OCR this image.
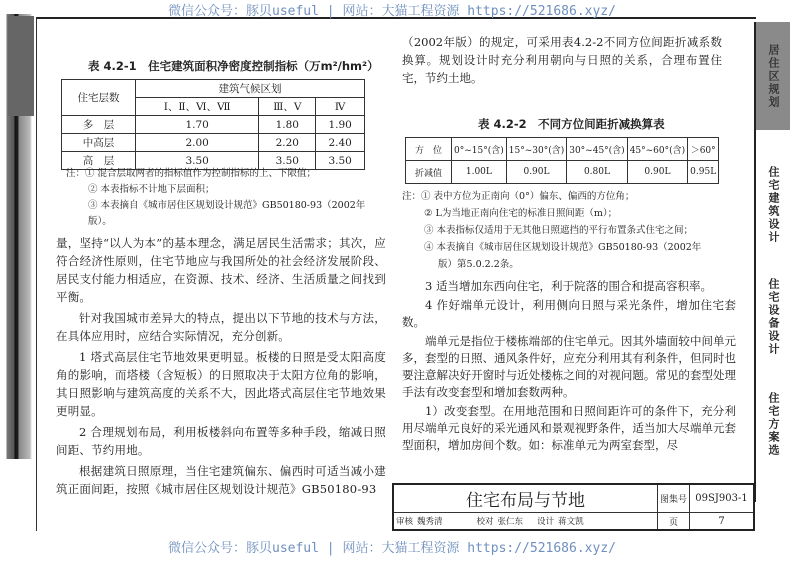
微信公众号：豚贝useful | 网站：大猫工程资源 https://521686.xyz/
表 4.2-1　住宅建筑面积净密度控制指标（万m²/hm²）
住宅层数	建筑气候区划		
	Ⅰ、Ⅱ、Ⅵ、Ⅶ	Ⅲ、Ⅴ	Ⅳ
多　层	1.70	1.80	1.90
中高层	2.00	2.20	2.40
高　层	3.50	3.50	3.50
注：① 混合层取两者的指标值作为控制指标的上、下限值；
② 本表指标不计地下层面积；
③ 本表摘自《城市居住区规划设计规范》GB50180-93（2002年版）。

量，坚持“以人为本”的基本理念，满足居民生活需求；其次，应符合经济性原则，住宅节地应与我国所处的社会经济发展阶段、居民支付能力相适应，在资源、技术、经济、生活质量之间找到平衡。

针对我国城市差异大的特点，提出以下节地的技术与方法，在具体应用时，应结合实际情况，充分创新。

1 塔式高层住宅节地效果更明显。板楼的日照是受太阳高度角的影响，而塔楼（含短板）的日照取决于太阳方位角的影响，其日照影响与建筑高度的关系不大，因此塔式高层住宅节地效果更明显。

2 合理规划布局，利用板楼斜向布置等多种手段，缩减日照间距、节约用地。

根据建筑日照原理，当住宅建筑偏东、偏西时可适当减小建筑正面间距，按照《城市居住区规划设计规范》GB50180-93

（2002年版）的规定，可采用表4.2-2不同方位间距折减系数换算。规划设计时充分利用朝向与日照的关系，合理布置住宅，节约土地。

表 4.2-2　不同方位间距折减换算表
方　位	0°~15°(含)	15°~30°(含)	30°~45°(含)	45°~60°(含)	＞60°
折减值	1.00L	0.90L	0.80L	0.90L	0.95L
注：① 表中方位为正南向（0°）偏东、偏西的方位角；
② L为当地正南向住宅的标准日照间距（m）；
③ 本表指标仅适用于无其他日照遮挡的平行布置条式住宅之间；
④ 本表摘自《城市居住区规划设计规范》GB50180-93（2002年
版）第5.0.2.2条。

3 适当增加东西向住宅，利于院落的围合和提高容积率。

4 作好端单元设计，利用侧向日照与采光条件，增加住宅套数。

端单元是指位于楼栋端部的住宅单元。因其外墙面较中间单元多，套型的日照、通风条件好，应充分利用其有利条件，但同时也要注意解决好开窗时与近处楼栋之间的对视问题。常见的套型处理手法有改变套型和增加套数两种。

1）改变套型。在用地范围和日照间距许可的条件下，充分利用尽端单元良好的采光通风和景观视野条件，适当加大尽端单元套型面积，增加房间个数。如：标准单元为两室套型，尽

居住区规划
住宅建筑设计
住宅设备设计
住宅方案选
住宅布局与节地
审核 魏秀清	校对 张仁东 设计 蒋文凯
图集号 09SJ903-1
页	7
微信公众号：豚贝useful | 网站：大猫工程资源 https://521686.xyz/
